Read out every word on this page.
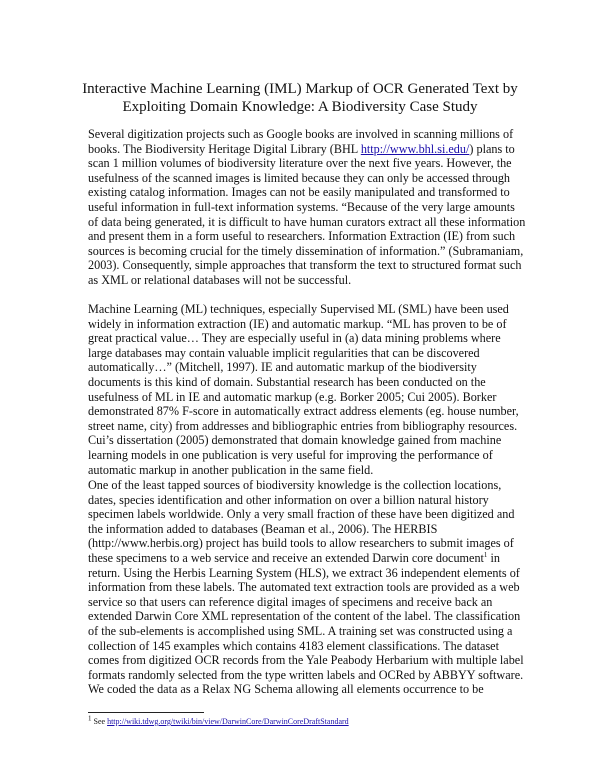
Interactive Machine Learning (IML) Markup of OCR Generated Text by
Exploiting Domain Knowledge: A Biodiversity Case Study

Several digitization projects such as Google books are involved in scanning millions of
books. The Biodiversity Heritage Digital Library (BHL http://www.bhl.si.edu/) plans to
scan 1 million volumes of biodiversity literature over the next five years. However, the
usefulness of the scanned images is limited because they can only be accessed through
existing catalog information. Images can not be easily manipulated and transformed to
useful information in full-text information systems. “Because of the very large amounts
of data being generated, it is difficult to have human curators extract all these information
and present them in a form useful to researchers. Information Extraction (IE) from such
sources is becoming crucial for the timely dissemination of information.” (Subramaniam,
2003). Consequently, simple approaches that transform the text to structured format such
as XML or relational databases will not be successful.

Machine Learning (ML) techniques, especially Supervised ML (SML) have been used
widely in information extraction (IE) and automatic markup. “ML has proven to be of
great practical value… They are especially useful in (a) data mining problems where
large databases may contain valuable implicit regularities that can be discovered
automatically…” (Mitchell, 1997). IE and automatic markup of the biodiversity
documents is this kind of domain. Substantial research has been conducted on the
usefulness of ML in IE and automatic markup (e.g. Borker 2005; Cui 2005). Borker
demonstrated 87% F-score in automatically extract address elements (eg. house number,
street name, city) from addresses and bibliographic entries from bibliography resources.
Cui’s dissertation (2005) demonstrated that domain knowledge gained from machine
learning models in one publication is very useful for improving the performance of
automatic markup in another publication in the same field.

One of the least tapped sources of biodiversity knowledge is the collection locations,
dates, species identification and other information on over a billion natural history
specimen labels worldwide. Only a very small fraction of these have been digitized and
the information added to databases (Beaman et al., 2006). The HERBIS
(http://www.herbis.org) project has build tools to allow researchers to submit images of
these specimens to a web service and receive an extended Darwin core document$^1$ in
return. Using the Herbis Learning System (HLS), we extract 36 independent elements of
information from these labels. The automated text extraction tools are provided as a web
service so that users can reference digital images of specimens and receive back an
extended Darwin Core XML representation of the content of the label. The classification
of the sub-elements is accomplished using SML. A training set was constructed using a
collection of 145 examples which contains 4183 element classifications. The dataset
comes from digitized OCR records from the Yale Peabody Herbarium with multiple label
formats randomly selected from the type written labels and OCRed by ABBYY software.
We coded the data as a Relax NG Schema allowing all elements occurrence to be

$^1$ See http://wiki.tdwg.org/twiki/bin/view/DarwinCore/DarwinCoreDraftStandard
